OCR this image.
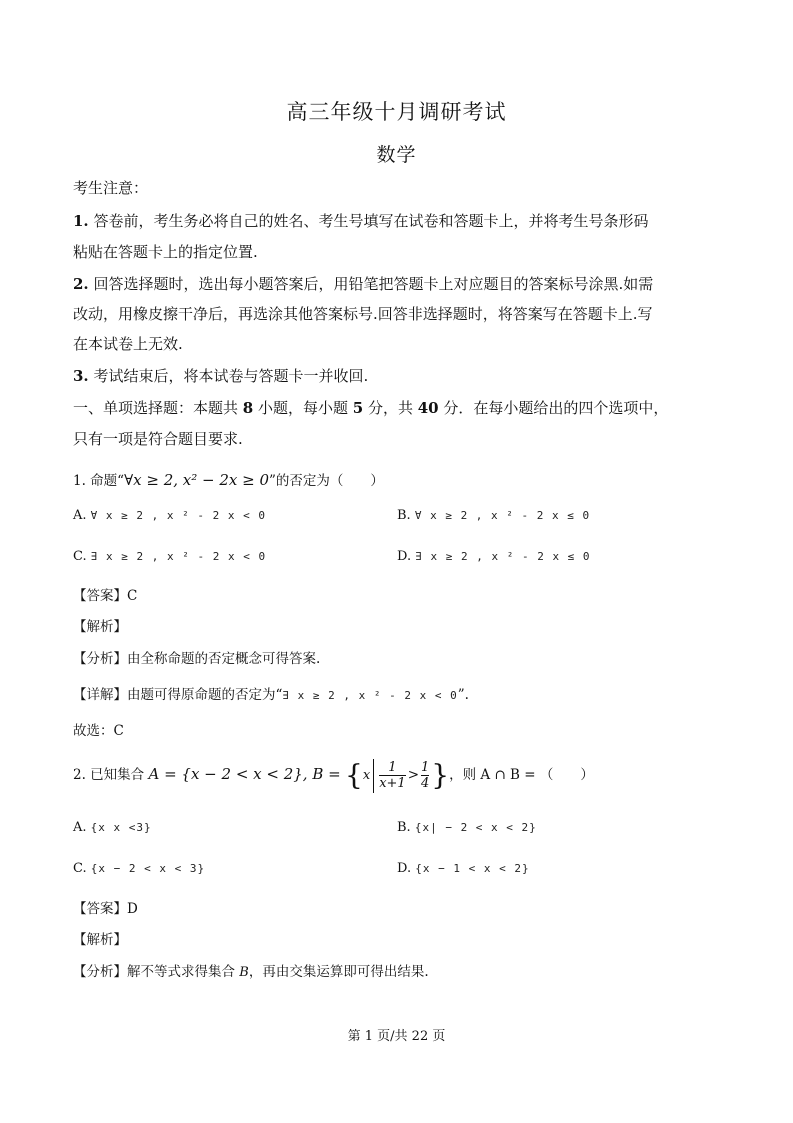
高三年级十月调研考试
数学
考生注意：
1. 答卷前，考生务必将自己的姓名、考生号填写在试卷和答题卡上，并将考生号条形码
粘贴在答题卡上的指定位置.
2. 回答选择题时，选出每小题答案后，用铅笔把答题卡上对应题目的答案标号涂黑.如需
改动，用橡皮擦干净后，再选涂其他答案标号.回答非选择题时，将答案写在答题卡上.写
在本试卷上无效.
3. 考试结束后，将本试卷与答题卡一并收回.
一、单项选择题：本题共 8 小题，每小题 5 分，共 40 分．在每小题给出的四个选项中，
只有一项是符合题目要求.
1. 命题“∀x ≥ 2, x² − 2x ≥ 0”的否定为（　　）
A. ∀ x ≥ 2 , x ² - 2 x < 0	B. ∀ x ≥ 2 , x ² - 2 x ≤ 0
C. ∃ x ≥ 2 , x ² - 2 x < 0	D. ∃ x ≥ 2 , x ² - 2 x ≤ 0
【答案】C
【解析】
【分析】由全称命题的否定概念可得答案.
【详解】由题可得原命题的否定为“∃ x ≥ 2 , x ² - 2 x < 0”.
故选：C
2. 已知集合 A = {x − 2 < x < 2}, $B = \{x \frac{1}{x+1} > \frac{1}{4}$ }，则 A ∩ B = （　　）
A. {x x <3}	B. {x| − 2 < x < 2}
C. {x − 2 < x < 3}	D. {x − 1 < x < 2}
【答案】D
【解析】
【分析】解不等式求得集合 B，再由交集运算即可得出结果.
第 1 页/共 22 页
